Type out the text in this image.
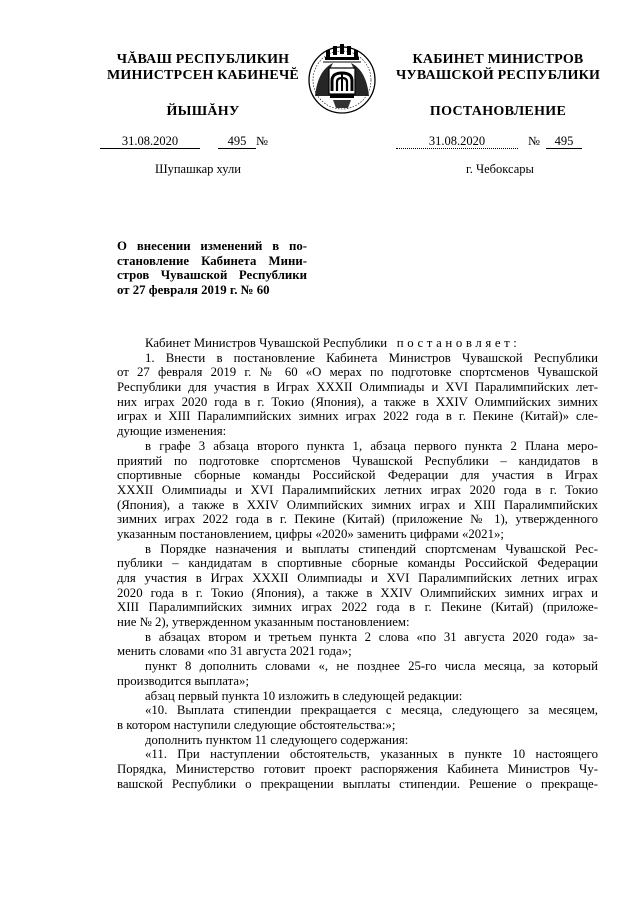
ЧĂВАШ РЕСПУБЛИКИН
МИНИСТРСЕН КАБИНЕЧĔ
ЙЫШĂНУ
КАБИНЕТ МИНИСТРОВ
ЧУВАШСКОЙ РЕСПУБЛИКИ
ПОСТАНОВЛЕНИЕ
31.08.2020	495 №	31.08.2020	№ 495
Шупашкар хули	г. Чебоксары
О внесении изменений в по-
становление Кабинета Мини-
стров Чувашской Республики
от 27 февраля 2019 г. № 60
Кабинет Министров Чувашской Республики постановляет:
1. Внести в постановление Кабинета Министров Чувашской Республики
от 27 февраля 2019 г. № 60 «О мерах по подготовке спортсменов Чувашской
Республики для участия в Играх XXXII Олимпиады и XVI Паралимпийских лет-
них играх 2020 года в г. Токио (Япония), а также в XXIV Олимпийских зимних
играх и XIII Паралимпийских зимних играх 2022 года в г. Пекине (Китай)» сле-
дующие изменения:
в графе 3 абзаца второго пункта 1, абзаца первого пункта 2 Плана меро-
приятий по подготовке спортсменов Чувашской Республики – кандидатов в
спортивные сборные команды Российской Федерации для участия в Играх
XXXII Олимпиады и XVI Паралимпийских летних играх 2020 года в г. Токио
(Япония), а также в XXIV Олимпийских зимних играх и XIII Паралимпийских
зимних играх 2022 года в г. Пекине (Китай) (приложение № 1), утвержденного
указанным постановлением, цифры «2020» заменить цифрами «2021»;
в Порядке назначения и выплаты стипендий спортсменам Чувашской Рес-
публики – кандидатам в спортивные сборные команды Российской Федерации
для участия в Играх XXXII Олимпиады и XVI Паралимпийских летних играх
2020 года в г. Токио (Япония), а также в XXIV Олимпийских зимних играх и
XIII Паралимпийских зимних играх 2022 года в г. Пекине (Китай) (приложе-
ние № 2), утвержденном указанным постановлением:
в абзацах втором и третьем пункта 2 слова «по 31 августа 2020 года» за-
менить словами «по 31 августа 2021 года»;
пункт 8 дополнить словами «, не позднее 25-го числа месяца, за который
производится выплата»;
абзац первый пункта 10 изложить в следующей редакции:
«10. Выплата стипендии прекращается с месяца, следующего за месяцем,
в котором наступили следующие обстоятельства:»;
дополнить пунктом 11 следующего содержания:
«11. При наступлении обстоятельств, указанных в пункте 10 настоящего
Порядка, Министерство готовит проект распоряжения Кабинета Министров Чу-
вашской Республики о прекращении выплаты стипендии. Решение о прекраще-
